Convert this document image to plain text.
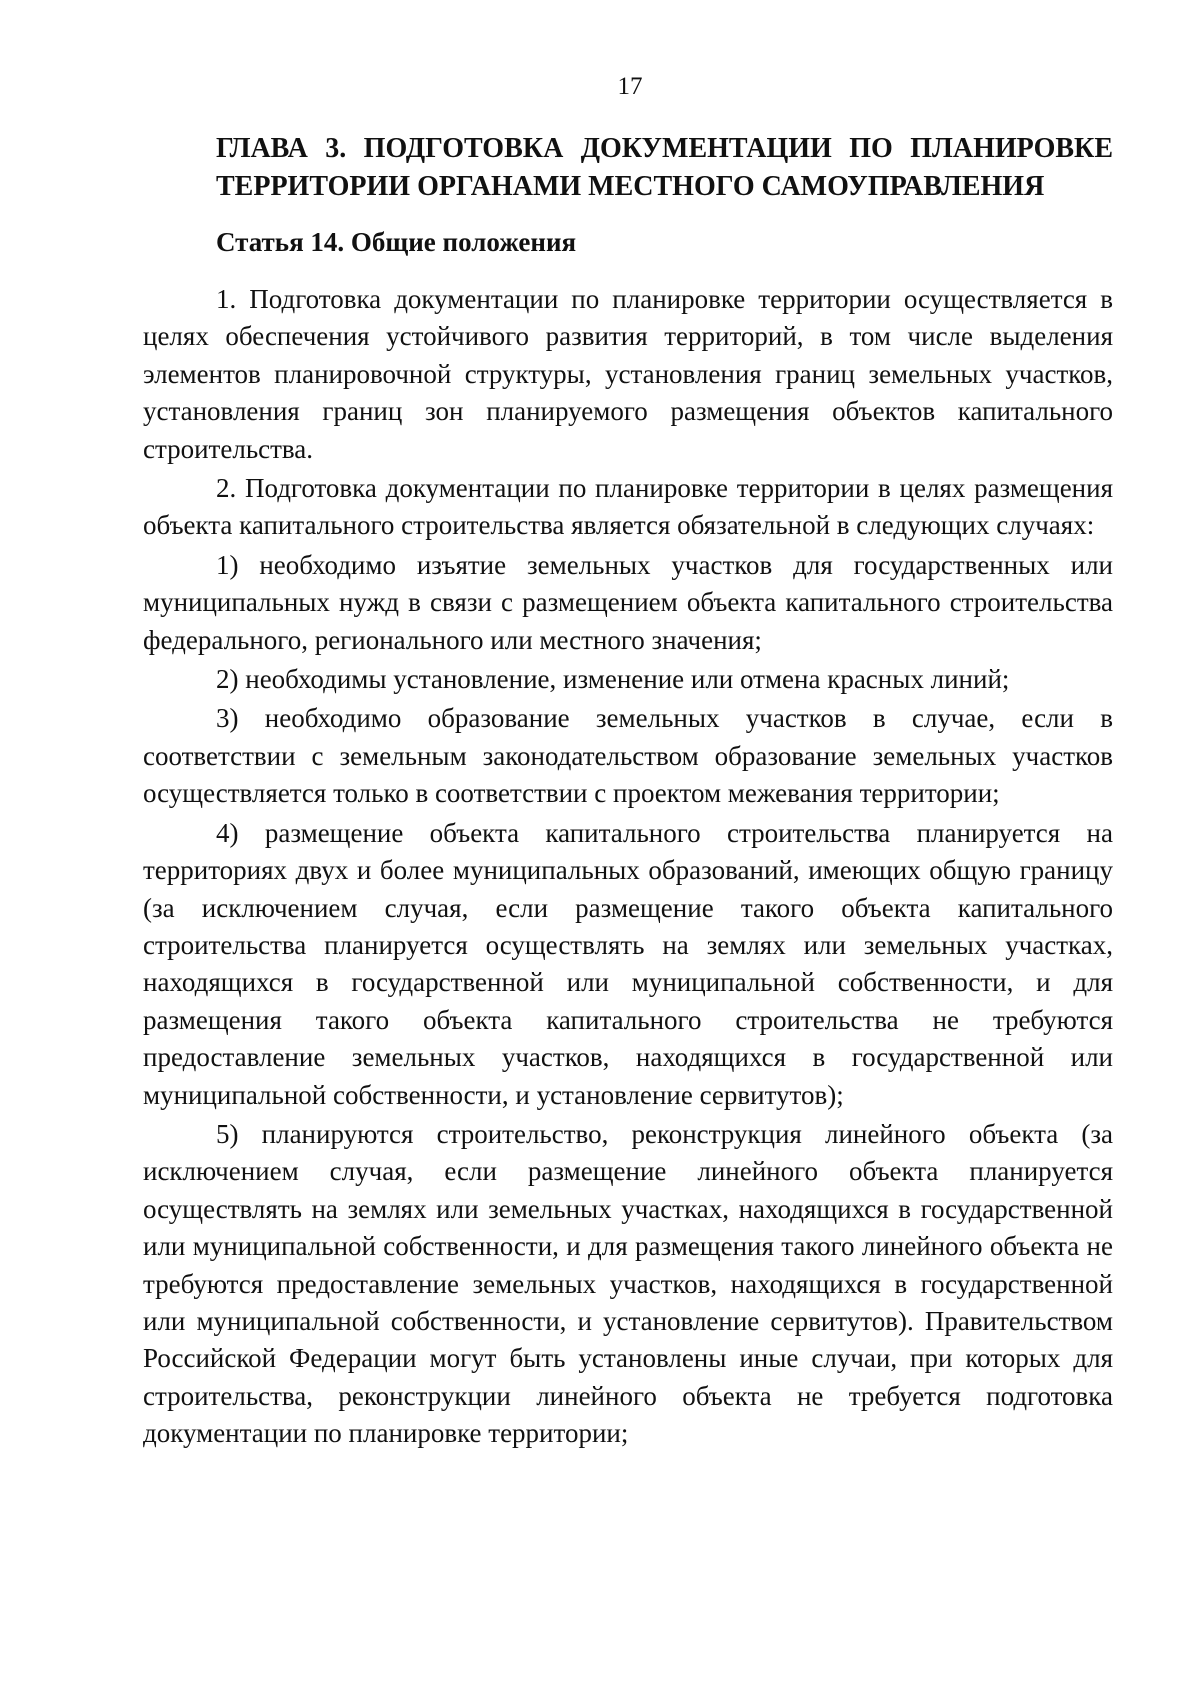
17
ГЛАВА 3. ПОДГОТОВКА ДОКУМЕНТАЦИИ ПО ПЛАНИРОВКЕ ТЕРРИТОРИИ ОРГАНАМИ МЕСТНОГО САМОУПРАВЛЕНИЯ
Статья 14. Общие положения

1. Подготовка документации по планировке территории осуществляется в целях обеспечения устойчивого развития территорий, в том числе выделения элементов планировочной структуры, установления границ земельных участков, установления границ зон планируемого размещения объектов капитального строительства.

2. Подготовка документации по планировке территории в целях размещения объекта капитального строительства является обязательной в следующих случаях:

1) необходимо изъятие земельных участков для государственных или муниципальных нужд в связи с размещением объекта капитального строительства федерального, регионального или местного значения;

2) необходимы установление, изменение или отмена красных линий;

3) необходимо образование земельных участков в случае, если в соответствии с земельным законодательством образование земельных участков осуществляется только в соответствии с проектом межевания территории;

4) размещение объекта капитального строительства планируется на территориях двух и более муниципальных образований, имеющих общую границу (за исключением случая, если размещение такого объекта капитального строительства планируется осуществлять на землях или земельных участках, находящихся в государственной или муниципальной собственности, и для размещения такого объекта капитального строительства не требуются предоставление земельных участков, находящихся в государственной или муниципальной собственности, и установление сервитутов);

5) планируются строительство, реконструкция линейного объекта (за исключением случая, если размещение линейного объекта планируется осуществлять на землях или земельных участках, находящихся в государственной или муниципальной собственности, и для размещения такого линейного объекта не требуются предоставление земельных участков, находящихся в государственной или муниципальной собственности, и установление сервитутов). Правительством Российской Федерации могут быть установлены иные случаи, при которых для строительства, реконструкции линейного объекта не требуется подготовка документации по планировке территории;
